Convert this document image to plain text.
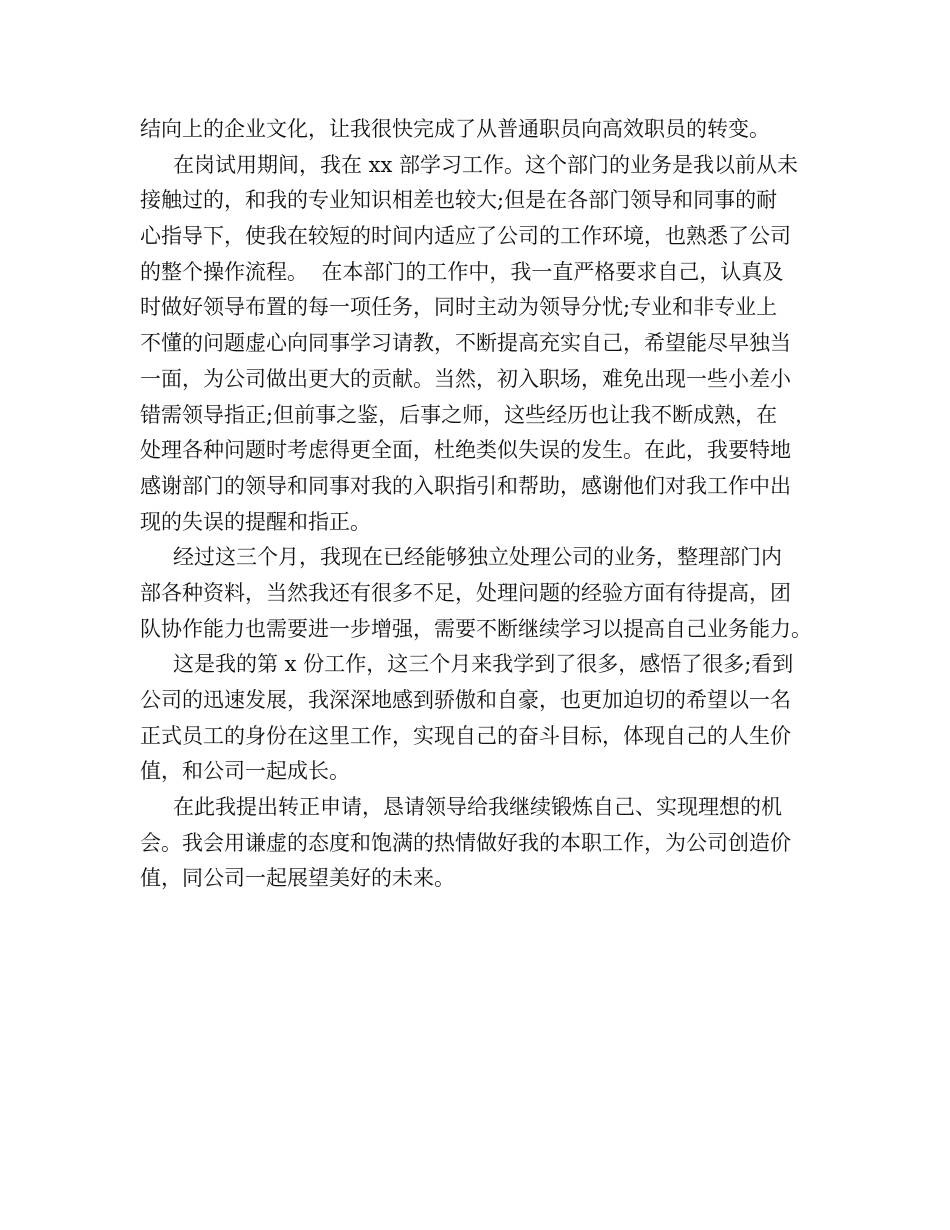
结向上的企业文化，让我很快完成了从普通职员向高效职员的转变。
在岗试用期间，我在 xx 部学习工作。这个部门的业务是我以前从未
接触过的，和我的专业知识相差也较大;但是在各部门领导和同事的耐
心指导下，使我在较短的时间内适应了公司的工作环境，也熟悉了公司
的整个操作流程。  在本部门的工作中，我一直严格要求自己，认真及
时做好领导布置的每一项任务，同时主动为领导分忧;专业和非专业上
不懂的问题虚心向同事学习请教，不断提高充实自己，希望能尽早独当
一面，为公司做出更大的贡献。当然，初入职场，难免出现一些小差小
错需领导指正;但前事之鉴，后事之师，这些经历也让我不断成熟，在
处理各种问题时考虑得更全面，杜绝类似失误的发生。在此，我要特地
感谢部门的领导和同事对我的入职指引和帮助，感谢他们对我工作中出
现的失误的提醒和指正。
经过这三个月，我现在已经能够独立处理公司的业务，整理部门内
部各种资料，当然我还有很多不足，处理问题的经验方面有待提高，团
队协作能力也需要进一步增强，需要不断继续学习以提高自己业务能力。
这是我的第 x 份工作，这三个月来我学到了很多，感悟了很多;看到
公司的迅速发展，我深深地感到骄傲和自豪，也更加迫切的希望以一名
正式员工的身份在这里工作，实现自己的奋斗目标，体现自己的人生价
值，和公司一起成长。
在此我提出转正申请，恳请领导给我继续锻炼自己、实现理想的机
会。我会用谦虚的态度和饱满的热情做好我的本职工作，为公司创造价
值，同公司一起展望美好的未来。
